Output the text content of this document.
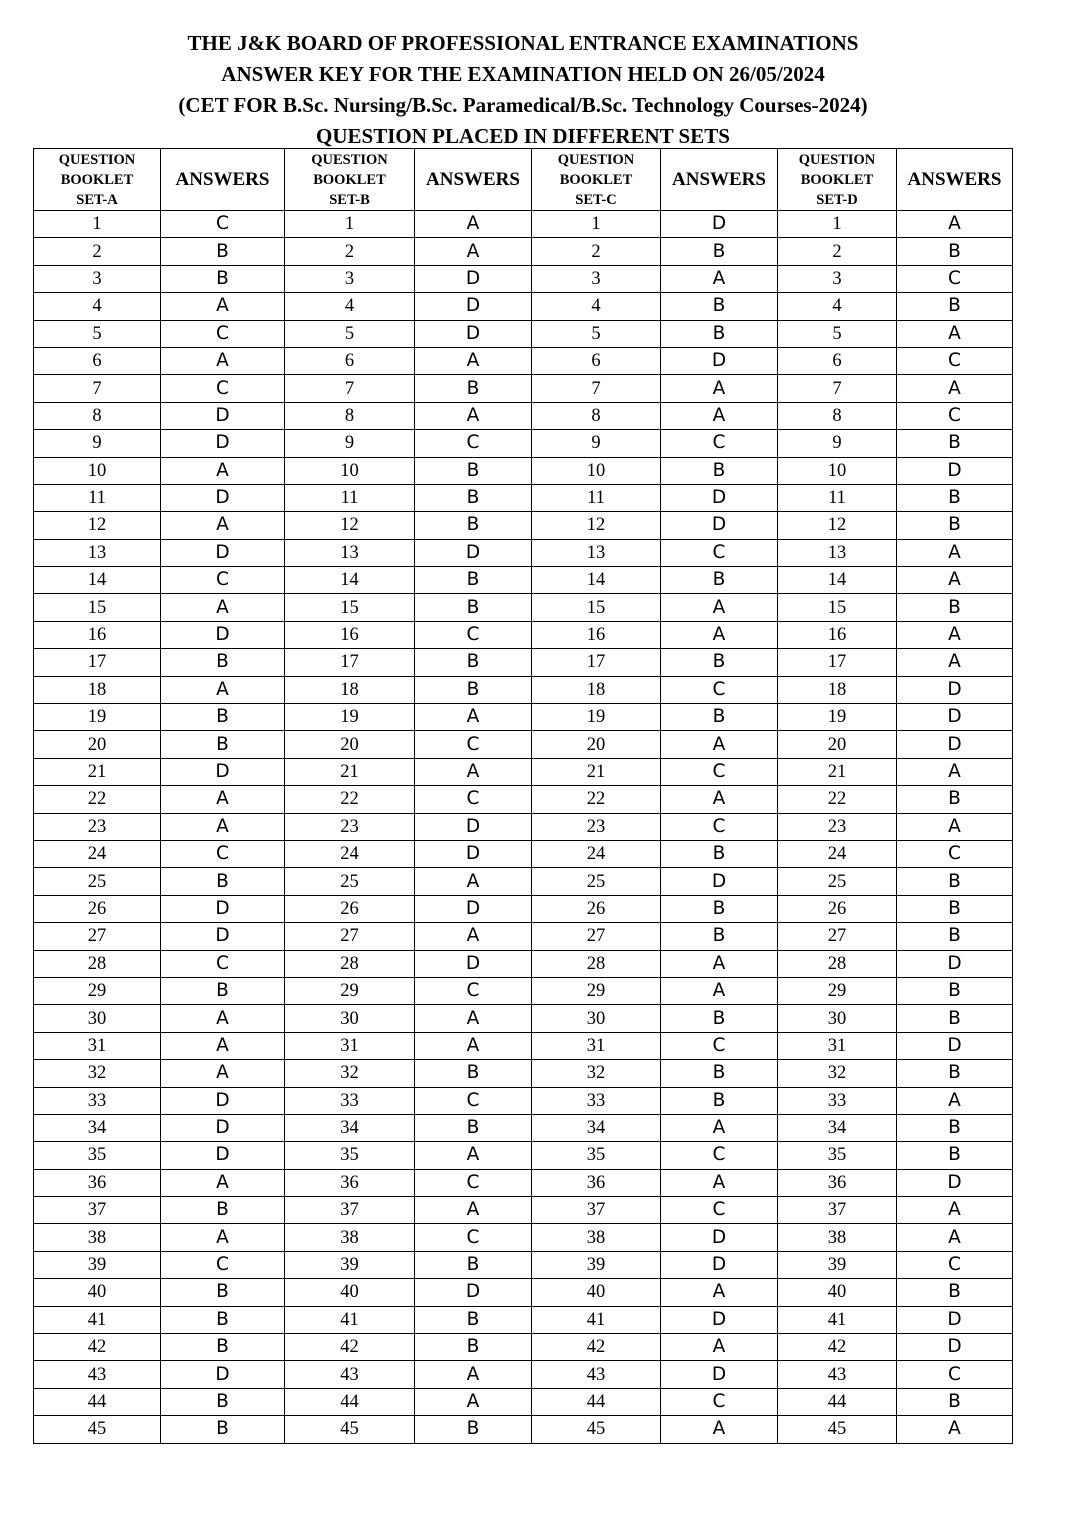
THE J&K BOARD OF PROFESSIONAL ENTRANCE EXAMINATIONS
ANSWER KEY FOR THE EXAMINATION HELD ON 26/05/2024
(CET FOR B.Sc. Nursing/B.Sc. Paramedical/B.Sc. Technology Courses-2024)
QUESTION PLACED IN DIFFERENT SETS
QUESTION
BOOKLET
SET-A	ANSWERS	QUESTION
BOOKLET
SET-B	ANSWERS	QUESTION
BOOKLET
SET-C	ANSWERS	QUESTION
BOOKLET
SET-D	ANSWERS
1	C	1	A	1	D	1	A
2	B	2	A	2	B	2	B
3	B	3	D	3	A	3	C
4	A	4	D	4	B	4	B
5	C	5	D	5	B	5	A
6	A	6	A	6	D	6	C
7	C	7	B	7	A	7	A
8	D	8	A	8	A	8	C
9	D	9	C	9	C	9	B
10	A	10	B	10	B	10	D
11	D	11	B	11	D	11	B
12	A	12	B	12	D	12	B
13	D	13	D	13	C	13	A
14	C	14	B	14	B	14	A
15	A	15	B	15	A	15	B
16	D	16	C	16	A	16	A
17	B	17	B	17	B	17	A
18	A	18	B	18	C	18	D
19	B	19	A	19	B	19	D
20	B	20	C	20	A	20	D
21	D	21	A	21	C	21	A
22	A	22	C	22	A	22	B
23	A	23	D	23	C	23	A
24	C	24	D	24	B	24	C
25	B	25	A	25	D	25	B
26	D	26	D	26	B	26	B
27	D	27	A	27	B	27	B
28	C	28	D	28	A	28	D
29	B	29	C	29	A	29	B
30	A	30	A	30	B	30	B
31	A	31	A	31	C	31	D
32	A	32	B	32	B	32	B
33	D	33	C	33	B	33	A
34	D	34	B	34	A	34	B
35	D	35	A	35	C	35	B
36	A	36	C	36	A	36	D
37	B	37	A	37	C	37	A
38	A	38	C	38	D	38	A
39	C	39	B	39	D	39	C
40	B	40	D	40	A	40	B
41	B	41	B	41	D	41	D
42	B	42	B	42	A	42	D
43	D	43	A	43	D	43	C
44	B	44	A	44	C	44	B
45	B	45	B	45	A	45	A
